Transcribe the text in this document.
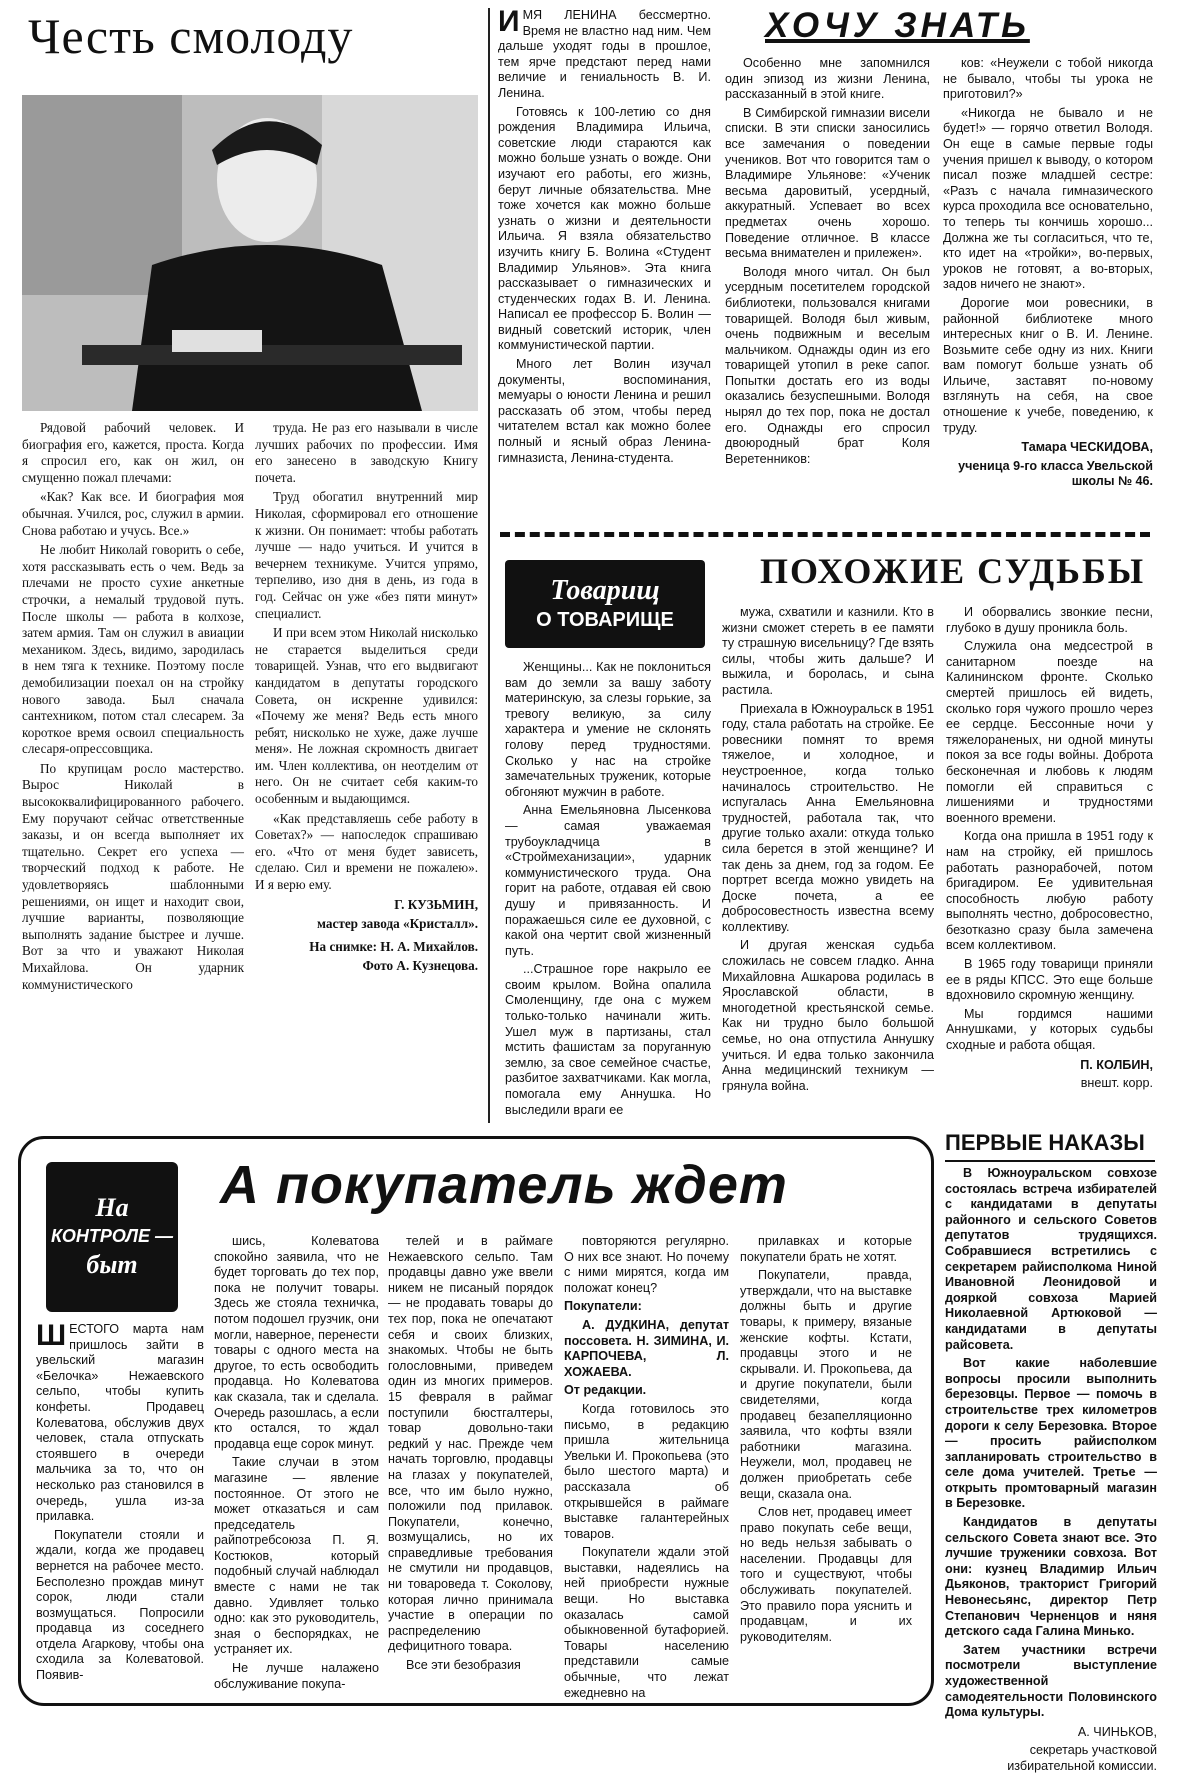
Честь смолоду

Рядовой рабочий человек. И биография его, кажется, проста. Когда я спросил его, как он жил, он смущенно пожал плечами:

«Как? Как все. И биография моя обычная. Учился, рос, служил в армии. Снова работаю и учусь. Все.»

Не любит Николай говорить о себе, хотя рассказывать есть о чем. Ведь за плечами не просто сухие анкетные строчки, а немалый трудовой путь. После школы — работа в колхозе, затем армия. Там он служил в авиации механиком. Здесь, видимо, зародилась в нем тяга к технике. Поэтому после демобилизации поехал он на стройку нового завода. Был сначала сантехником, потом стал слесарем. За короткое время освоил специальность слесаря-опрессовщика.

По крупицам росло мастерство. Вырос Николай в высококвалифицированного рабочего. Ему поручают сейчас ответственные заказы, и он всегда выполняет их тщательно. Секрет его успеха — творческий подход к работе. Не удовлетворяясь шаблонными решениями, он ищет и находит свои, лучшие варианты, позволяющие выполнять задание быстрее и лучше. Вот за что и уважают Николая Михайлова. Он ударник коммунистического

труда. Не раз его называли в числе лучших рабочих по профессии. Имя его занесено в заводскую Книгу почета.

Труд обогатил внутренний мир Николая, сформировал его отношение к жизни. Он понимает: чтобы работать лучше — надо учиться. И учится в вечернем техникуме. Учится упрямо, терпеливо, изо дня в день, из года в год. Сейчас он уже «без пяти минут» специалист.

И при всем этом Николай нисколько не старается выделиться среди товарищей. Узнав, что его выдвигают кандидатом в депутаты городского Совета, он искренне удивился: «Почему же меня? Ведь есть много ребят, нисколько не хуже, даже лучше меня». Не ложная скромность двигает им. Член коллектива, он неотделим от него. Он не считает себя каким-то особенным и выдающимся.

«Как представляешь себе работу в Советах?» — напоследок спрашиваю его. «Что от меня будет зависеть, сделаю. Сил и времени не пожалею». И я верю ему.

Г. КУЗЬМИН,

мастер завода «Кристалл».

На снимке: Н. А. Михайлов.

Фото А. Кузнецова.

ИМЯ ЛЕНИНА бессмертно. Время не властно над ним. Чем дальше уходят годы в прошлое, тем ярче предстают перед нами величие и гениальность В. И. Ленина.

Готовясь к 100-летию со дня рождения Владимира Ильича, советские люди стараются как можно больше узнать о вожде. Они изучают его работы, его жизнь, берут личные обязательства. Мне тоже хочется как можно больше узнать о жизни и деятельности Ильича. Я взяла обязательство изучить книгу Б. Волина «Студент Владимир Ульянов». Эта книга рассказывает о гимназических и студенческих годах В. И. Ленина. Написал ее профессор Б. Волин — видный советский историк, член коммунистической партии.

Много лет Волин изучал документы, воспоминания, мемуары о юности Ленина и решил рассказать об этом, чтобы перед читателем встал как можно более полный и ясный образ Ленина-гимназиста, Ленина-студента.

ХОЧУ ЗНАТЬ

Особенно мне запомнился один эпизод из жизни Ленина, рассказанный в этой книге.

В Симбирской гимназии висели списки. В эти списки заносились все замечания о поведении учеников. Вот что говорится там о Владимире Ульянове: «Ученик весьма даровитый, усердный, аккуратный. Успевает во всех предметах очень хорошо. Поведение отличное. В классе весьма внимателен и прилежен».

Володя много читал. Он был усердным посетителем городской библиотеки, пользовался книгами товарищей. Володя был живым, очень подвижным и веселым мальчиком. Однажды один из его товарищей утопил в реке сапог. Попытки достать его из воды оказались безуспешными. Володя нырял до тех пор, пока не достал его. Однажды его спросил двоюродный брат Коля Веретенников:

ков: «Неужели с тобой никогда не бывало, чтобы ты урока не приготовил?»

«Никогда не бывало и не будет!» — горячо ответил Володя. Он еще в самые первые годы учения пришел к выводу, о котором писал позже младшей сестре: «Разъ с начала гимназического курса проходила все основательно, то теперь ты кончишь хорошо... Должна же ты согласиться, что те, кто идет на «тройки», во-первых, уроков не готовят, а во-вторых, задов ничего не знают».

Дорогие мои ровесники, в районной библиотеке много интересных книг о В. И. Ленине. Возьмите себе одну из них. Книги вам помогут больше узнать об Ильиче, заставят по-новому взглянуть на себя, на свое отношение к учебе, поведению, к труду.

Тамара ЧЕСКИДОВА,

ученица 9-го класса Увельской школы № 46.

Товарищ
О ТОВАРИЩЕ
ПОХОЖИЕ СУДЬБЫ

Женщины... Как не поклониться вам до земли за вашу заботу материнскую, за слезы горькие, за тревогу великую, за силу характера и умение не склонять голову перед трудностями. Сколько у нас на стройке замечательных труженик, которые обгоняют мужчин в работе.

Анна Емельяновна Лысенкова — самая уважаемая трубоукладчица в «Строймеханизации», ударник коммунистического труда. Она горит на работе, отдавая ей свою душу и привязанность. И поражаешься силе ее духовной, с какой она чертит свой жизненный путь.

...Страшное горе накрыло ее своим крылом. Война опалила Смоленщину, где она с мужем только-только начинали жить. Ушел муж в партизаны, стал мстить фашистам за поруганную землю, за свое семейное счастье, разбитое захватчиками. Как могла, помогала ему Аннушка. Но выследили враги ее

мужа, схватили и казнили. Кто в жизни сможет стереть в ее памяти ту страшную висельницу? Где взять силы, чтобы жить дальше? И выжила, и боролась, и сына растила.

Приехала в Южноуральск в 1951 году, стала работать на стройке. Ее ровесники помнят то время тяжелое, и холодное, и неустроенное, когда только начиналось строительство. Не испугалась Анна Емельяновна трудностей, работала так, что другие только ахали: откуда только сила берется в этой женщине? И так день за днем, год за годом. Ее портрет всегда можно увидеть на Доске почета, а ее добросовестность известна всему коллективу.

И другая женская судьба сложилась не совсем гладко. Анна Михайловна Ашкарова родилась в Ярославской области, в многодетной крестьянской семье. Как ни трудно было большой семье, но она отпустила Аннушку учиться. И едва только закончила Анна медицинский техникум — грянула война.

И оборвались звонкие песни, глубоко в душу проникла боль.

Служила она медсестрой в санитарном поезде на Калининском фронте. Сколько смертей пришлось ей видеть, сколько горя чужого прошло через ее сердце. Бессонные ночи у тяжелораненых, ни одной минуты покоя за все годы войны. Доброта бесконечная и любовь к людям помогли ей справиться с лишениями и трудностями военного времени.

Когда она пришла в 1951 году к нам на стройку, ей пришлось работать разнорабочей, потом бригадиром. Ее удивительная способность любую работу выполнять честно, добросовестно, безотказно сразу была замечена всем коллективом.

В 1965 году товарищи приняли ее в ряды КПСС. Это еще больше вдохновило скромную женщину.

Мы гордимся нашими Аннушками, у которых судьбы сходные и работа общая.

П. КОЛБИН,

внешт. корр.

На
КОНТРОЛЕ —
быт
А покупатель ждет

ШЕСТОГО марта нам пришлось зайти в увельский магазин «Белочка» Нежаевского сельпо, чтобы купить конфеты. Продавец Колеватова, обслужив двух человек, стала отпускать стоявшего в очереди мальчика за то, что он несколько раз становился в очередь, ушла из-за прилавка.

Покупатели стояли и ждали, когда же продавец вернется на рабочее место. Бесполезно прождав минут сорок, люди стали возмущаться. Попросили продавца из соседнего отдела Агаркову, чтобы она сходила за Колеватовой. Появив-

шись, Колеватова спокойно заявила, что не будет торговать до тех пор, пока не получит товары. Здесь же стояла техничка, потом подошел грузчик, они могли, наверное, перенести товары с одного места на другое, то есть освободить продавца. Но Колеватова как сказала, так и сделала. Очередь разошлась, а если кто остался, то ждал продавца еще сорок минут.

Такие случаи в этом магазине — явление постоянное. От этого не может отказаться и сам председатель райпотребсоюза П. Я. Костюков, который подобный случай наблюдал вместе с нами не так давно. Удивляет только одно: как это руководитель, зная о беспорядках, не устраняет их.

Не лучше налажено обслуживание покупа-

телей и в раймаге Нежаевского сельпо. Там продавцы давно уже ввели никем не писаный порядок — не продавать товары до тех пор, пока не опечатают себя и своих близких, знакомых. Чтобы не быть голословными, приведем один из многих примеров. 15 февраля в раймаг поступили бюстгалтеры, товар довольно-таки редкий у нас. Прежде чем начать торговлю, продавцы на глазах у покупателей, все, что им было нужно, положили под прилавок. Покупатели, конечно, возмущались, но их справедливые требования не смутили ни продавцов, ни товароведа т. Соколову, которая лично принимала участие в операции по распределению дефицитного товара.

Все эти безобразия

повторяются регулярно. О них все знают. Но почему с ними мирятся, когда им положат конец?

Покупатели:

А. ДУДКИНА, депутат поссовета. Н. ЗИМИНА, И. КАРПОЧЕВА, Л. ХОЖАЕВА.

От редакции.

Когда готовилось это письмо, в редакцию пришла жительница Увельки И. Прокопьева (это было шестого марта) и рассказала об открывшейся в раймаге выставке галантерейных товаров.

Покупатели ждали этой выставки, надеялись на ней приобрести нужные вещи. Но выставка оказалась самой обыкновенной бутафорией. Товары населению представили самые обычные, что лежат ежедневно на

прилавках и которые покупатели брать не хотят.

Покупатели, правда, утверждали, что на выставке должны быть и другие товары, к примеру, вязаные женские кофты. Кстати, продавцы этого и не скрывали. И. Прокопьева, да и другие покупатели, были свидетелями, когда продавец безапелляционно заявила, что кофты взяли работники магазина. Неужели, мол, продавец не должен приобретать себе вещи, сказала она.

Слов нет, продавец имеет право покупать себе вещи, но ведь нельзя забывать о населении. Продавцы для того и существуют, чтобы обслуживать покупателей. Это правило пора уяснить и продавцам, и их руководителям.

ПЕРВЫЕ НАКАЗЫ

В Южноуральском совхозе состоялась встреча избирателей с кандидатами в депутаты районного и сельского Советов депутатов трудящихся. Собравшиеся встретились с секретарем райисполкома Ниной Ивановной Леонидовой и дояркой совхоза Марией Николаевной Артюковой — кандидатами в депутаты райсовета.

Вот какие наболевшие вопросы просили выполнить березовцы. Первое — помочь в строительстве трех километров дороги к селу Березовка. Второе — просить райисполком запланировать строительство в селе дома учителей. Третье — открыть промтоварный магазин в Березовке.

Кандидатов в депутаты сельского Совета знают все. Это лучшие труженики совхоза. Вот они: кузнец Владимир Ильич Дьяконов, тракторист Григорий Невонесьянс, директор Петр Степанович Черненцов и няня детского сада Галина Минько.

Затем участники встречи посмотрели выступление художественной самодеятельности Половинского Дома культуры.

А. ЧИНЬКОВ,

секретарь участковой избирательной комиссии.
